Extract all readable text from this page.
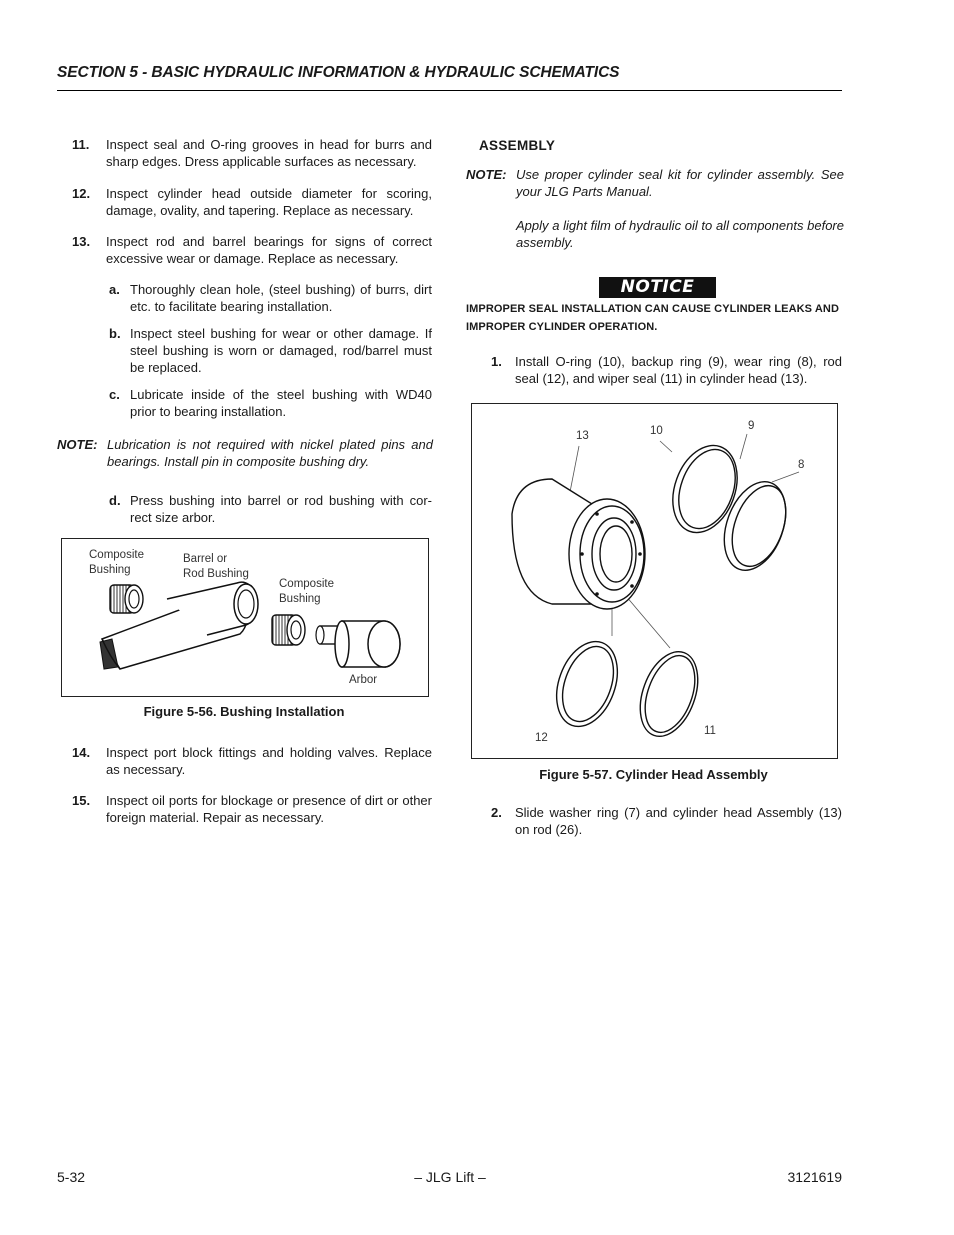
SECTION 5 - BASIC HYDRAULIC INFORMATION & HYDRAULIC SCHEMATICS
11. Inspect seal and O-ring grooves in head for burrs and sharp edges. Dress applicable surfaces as necessary.
12. Inspect cylinder head outside diameter for scoring, damage, ovality, and tapering. Replace as necessary.
13. Inspect rod and barrel bearings for signs of correct excessive wear or damage. Replace as necessary.
a. Thoroughly clean hole, (steel bushing) of burrs, dirt etc. to facilitate bearing installation.
b. Inspect steel bushing for wear or other damage. If steel bushing is worn or damaged, rod/barrel must be replaced.
c. Lubricate inside of the steel bushing with WD40 prior to bearing installation.
NOTE: Lubrication is not required with nickel plated pins and bearings. Install pin in composite bushing dry.
d. Press bushing into barrel or rod bushing with cor-rect size arbor.
Composite
Bushing
Barrel or
Rod Bushing
Composite
Bushing
Arbor
Figure 5-56. Bushing Installation
14. Inspect port block fittings and holding valves. Replace as necessary.
15. Inspect oil ports for blockage or presence of dirt or other foreign material. Repair as necessary.
ASSEMBLY
NOTE: Use proper cylinder seal kit for cylinder assembly. See your JLG Parts Manual.
Apply a light film of hydraulic oil to all components before assembly.
NOTICE
IMPROPER SEAL INSTALLATION CAN CAUSE CYLINDER LEAKS AND IMPROPER CYLINDER OPERATION.
1. Install O-ring (10), backup ring (9), wear ring (8), rod seal (12), and wiper seal (11) in cylinder head (13).
13	10	9
8
12
11
Figure 5-57. Cylinder Head Assembly
2. Slide washer ring (7) and cylinder head Assembly (13) on rod (26).
5-32	– JLG Lift –	3121619
